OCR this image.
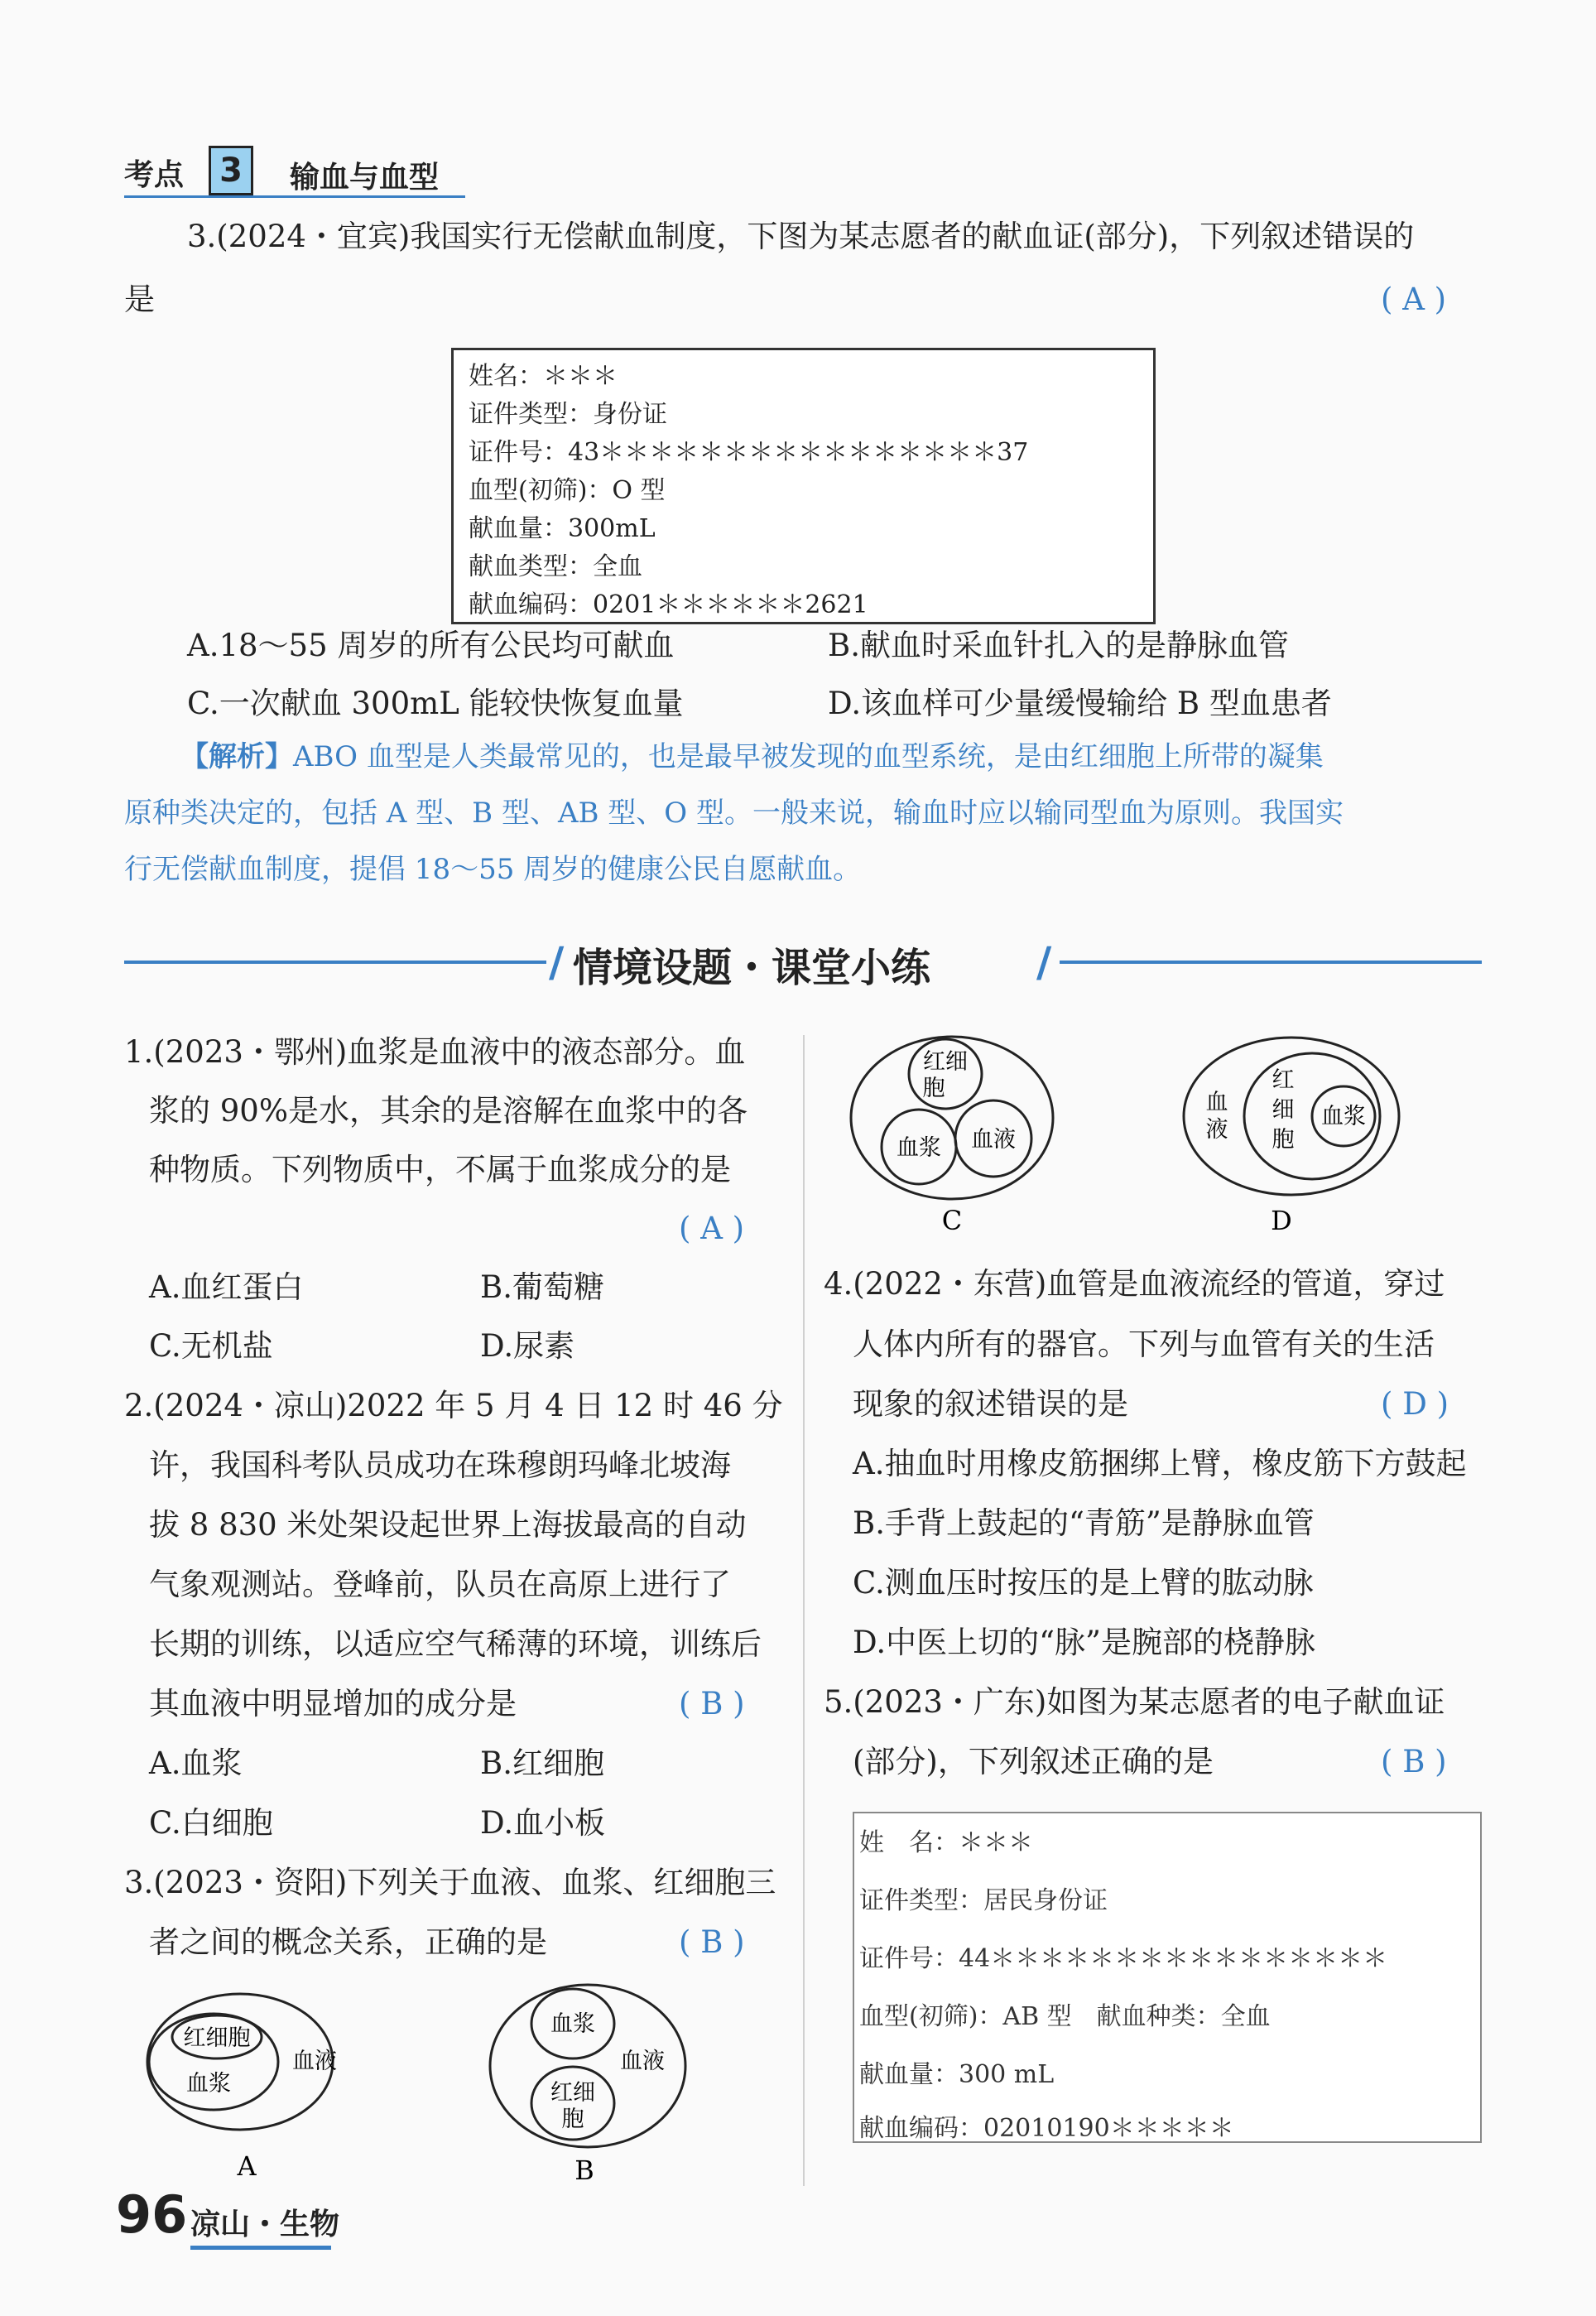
考点	3	输血与血型
3.(2024・宜宾)我国实行无偿献血制度，下图为某志愿者的献血证(部分)，下列叙述错误的
是	( A )
姓名：＊＊＊
证件类型：身份证
证件号：43＊＊＊＊＊＊＊＊＊＊＊＊＊＊＊＊37
血型(初筛)：O 型
献血量：300mL
献血类型：全血
献血编码：0201＊＊＊＊＊＊2621
A.18～55 周岁的所有公民均可献血	B.献血时采血针扎入的是静脉血管
C.一次献血 300mL 能较快恢复血量	D.该血样可少量缓慢输给 B 型血患者
【解析】ABO 血型是人类最常见的，也是最早被发现的血型系统，是由红细胞上所带的凝集
原种类决定的，包括 A 型、B 型、AB 型、O 型。一般来说，输血时应以输同型血为原则。我国实
行无偿献血制度，提倡 18～55 周岁的健康公民自愿献血。
/ 情境设题・课堂小练	/
1.(2023・鄂州)血浆是血液中的液态部分。血
浆的 90%是水，其余的是溶解在血浆中的各
种物质。下列物质中，不属于血浆成分的是
( A )
A.血红蛋白	B.葡萄糖
C.无机盐	D.尿素
2.(2024・凉山)2022 年 5 月 4 日 12 时 46 分
许，我国科考队员成功在珠穆朗玛峰北坡海
拔 8 830 米处架设起世界上海拔最高的自动
气象观测站。登峰前，队员在高原上进行了
长期的训练，以适应空气稀薄的环境，训练后
其血液中明显增加的成分是	( B )
A.血浆	B.红细胞
C.白细胞	D.血小板
3.(2023・资阳)下列关于血液、血浆、红细胞三
者之间的概念关系，正确的是	( B )
红细胞
血浆
血液
A
血浆
红细
胞
血液
B
红细
胞
血浆 血液
C
血
液
红
细
胞
血浆
D
4.(2022・东营)血管是血液流经的管道，穿过
人体内所有的器官。下列与血管有关的生活
现象的叙述错误的是	( D )
A.抽血时用橡皮筋捆绑上臂，橡皮筋下方鼓起
B.手背上鼓起的“青筋”是静脉血管
C.测血压时按压的是上臂的肱动脉
D.中医上切的“脉”是腕部的桡静脉
5.(2023・广东)如图为某志愿者的电子献血证
(部分)，下列叙述正确的是	( B )
姓　名：＊＊＊
证件类型：居民身份证
证件号：44＊＊＊＊＊＊＊＊＊＊＊＊＊＊＊＊
血型(初筛)：AB 型　献血种类：全血
献血量：300 mL
献血编码：02010190＊＊＊＊＊
96 凉山・生物
